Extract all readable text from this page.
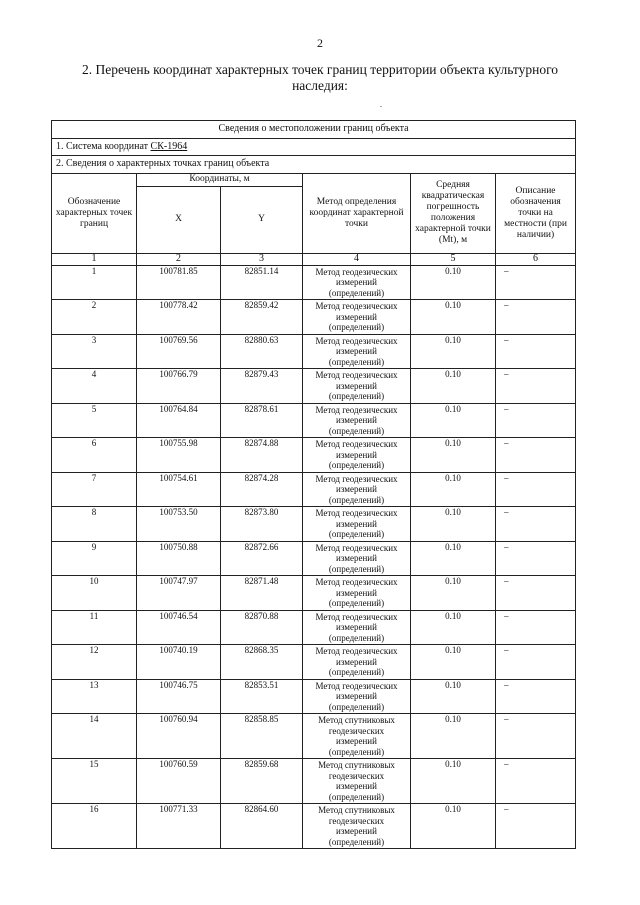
2
2. Перечень координат характерных точек границ территории объекта культурного наследия:
.
Сведения о местоположении границ объекта					
1. Система координат СК-1964					
2. Сведения о характерных точках границ объекта					
Обозначение характерных точек границ	Координаты, м		Метод определения координат характерной точки	Средняя квадратическая погрешность положения характерной точки (Mt), м	Описание обозначения точки на местности (при наличии)
	X	Y			
1	2	3	4	5	6
1	100781.85	82851.14	Метод геодезических измерений (определений)	0.10	–
2	100778.42	82859.42	Метод геодезических измерений (определений)	0.10	–
3	100769.56	82880.63	Метод геодезических измерений (определений)	0.10	–
4	100766.79	82879.43	Метод геодезических измерений (определений)	0.10	–
5	100764.84	82878.61	Метод геодезических измерений (определений)	0.10	–
6	100755.98	82874.88	Метод геодезических измерений (определений)	0.10	–
7	100754.61	82874.28	Метод геодезических измерений (определений)	0.10	–
8	100753.50	82873.80	Метод геодезических измерений (определений)	0.10	–
9	100750.88	82872.66	Метод геодезических измерений (определений)	0.10	–
10	100747.97	82871.48	Метод геодезических измерений (определений)	0.10	–
11	100746.54	82870.88	Метод геодезических измерений (определений)	0.10	–
12	100740.19	82868.35	Метод геодезических измерений (определений)	0.10	–
13	100746.75	82853.51	Метод геодезических измерений (определений)	0.10	–
14	100760.94	82858.85	Метод спутниковых геодезических измерений (определений)	0.10	–
15	100760.59	82859.68	Метод спутниковых геодезических измерений (определений)	0.10	–
16	100771.33	82864.60	Метод спутниковых геодезических измерений (определений)	0.10	–
